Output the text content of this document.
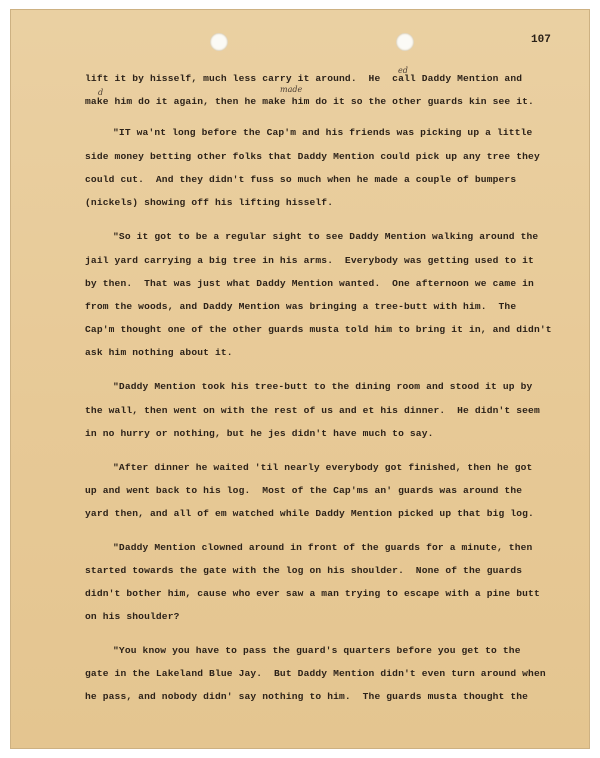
107
ed
d	made

lift it by hisself, much less carry it around.  He  call Daddy Mention and

make him do it again, then he make him do it so the other guards kin see it.

"IT wa'nt long before the Cap'm and his friends was picking up a little

side money betting other folks that Daddy Mention could pick up any tree they

could cut.  And they didn't fuss so much when he made a couple of bumpers

(nickels) showing off his lifting hisself.

"So it got to be a regular sight to see Daddy Mention walking around the

jail yard carrying a big tree in his arms.  Everybody was getting used to it

by then.  That was just what Daddy Mention wanted.  One afternoon we came in

from the woods, and Daddy Mention was bringing a tree-butt with him.  The

Cap'm thought one of the other guards musta told him to bring it in, and didn't

ask him nothing about it.

"Daddy Mention took his tree-butt to the dining room and stood it up by

the wall, then went on with the rest of us and et his dinner.  He didn't seem

in no hurry or nothing, but he jes didn't have much to say.

"After dinner he waited 'til nearly everybody got finished, then he got

up and went back to his log.  Most of the Cap'ms an' guards was around the

yard then, and all of em watched while Daddy Mention picked up that big log.

"Daddy Mention clowned around in front of the guards for a minute, then

started towards the gate with the log on his shoulder.  None of the guards

didn't bother him, cause who ever saw a man trying to escape with a pine butt

on his shoulder?

"You know you have to pass the guard's quarters before you get to the

gate in the Lakeland Blue Jay.  But Daddy Mention didn't even turn around when

he pass, and nobody didn' say nothing to him.  The guards musta thought the
